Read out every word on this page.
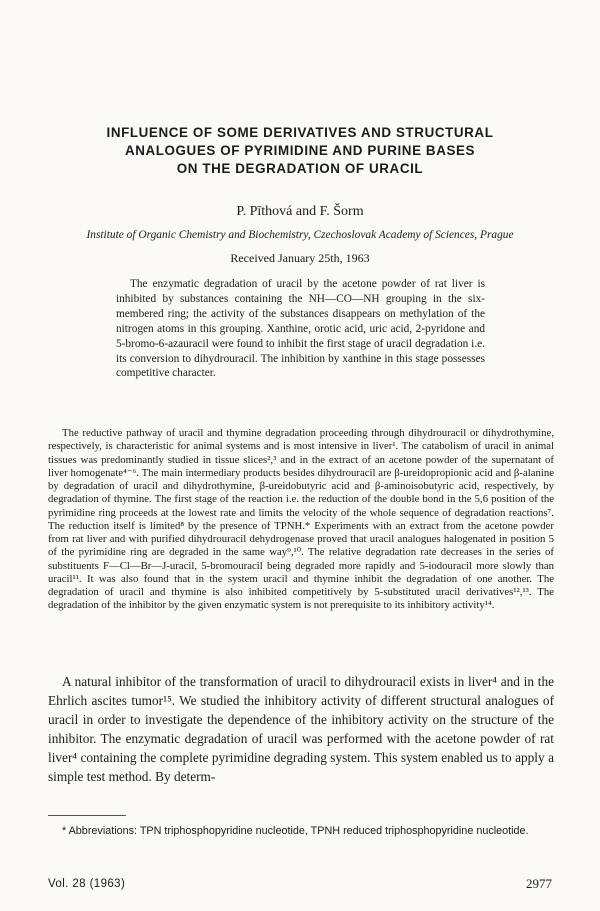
INFLUENCE OF SOME DERIVATIVES AND STRUCTURAL
ANALOGUES OF PYRIMIDINE AND PURINE BASES
ON THE DEGRADATION OF URACIL
P. Pīthová and F. Šorm
Institute of Organic Chemistry and Biochemistry, Czechoslovak Academy of Sciences, Prague
Received January 25th, 1963

The enzymatic degradation of uracil by the acetone powder of rat liver is inhibited by substances containing the NH—CO—NH grouping in the six-membered ring; the activity of the substances disappears on methylation of the nitrogen atoms in this grouping. Xanthine, orotic acid, uric acid, 2-pyridone and 5-bromo-6-azauracil were found to inhibit the first stage of uracil degradation i.e. its conversion to dihydrouracil. The inhibition by xanthine in this stage possesses competitive character.

The reductive pathway of uracil and thymine degradation proceeding through dihydrouracil or dihydrothymine, respectively, is characteristic for animal systems and is most intensive in liver¹. The catabolism of uracil in animal tissues was predominantly studied in tissue slices²,³ and in the extract of an acetone powder of the supernatant of liver homogenate⁴⁻⁶. The main intermediary products besides dihydrouracil are β-ureidopropionic acid and β-alanine by degradation of uracil and dihydrothymine, β-ureidobutyric acid and β-aminoisobutyric acid, respectively, by degradation of thymine. The first stage of the reaction i.e. the reduction of the double bond in the 5,6 position of the pyrimidine ring proceeds at the lowest rate and limits the velocity of the whole sequence of degradation reactions⁷. The reduction itself is limited⁸ by the presence of TPNH.* Experiments with an extract from the acetone powder from rat liver and with purified dihydrouracil dehydrogenase proved that uracil analogues halogenated in position 5 of the pyrimidine ring are degraded in the same way⁹,¹⁰. The relative degradation rate decreases in the series of substituents F—Cl—Br—J-uracil, 5-bromouracil being degraded more rapidly and 5-iodouracil more slowly than uracil¹¹. It was also found that in the system uracil and thymine inhibit the degradation of one another. The degradation of uracil and thymine is also inhibited competitively by 5-substituted uracil derivatives¹²,¹³. The degradation of the inhibitor by the given enzymatic system is not prerequisite to its inhibitory activity¹⁴.

A natural inhibitor of the transformation of uracil to dihydrouracil exists in liver⁴ and in the Ehrlich ascites tumor¹⁵. We studied the inhibitory activity of different structural analogues of uracil in order to investigate the dependence of the inhibitory activity on the structure of the inhibitor. The enzymatic degradation of uracil was performed with the acetone powder of rat liver⁴ containing the complete pyrimidine degrading system. This system enabled us to apply a simple test method. By determ-

* Abbreviations: TPN triphosphopyridine nucleotide, TPNH reduced triphosphopyridine nucleotide.

Vol. 28 (1963)	2977
